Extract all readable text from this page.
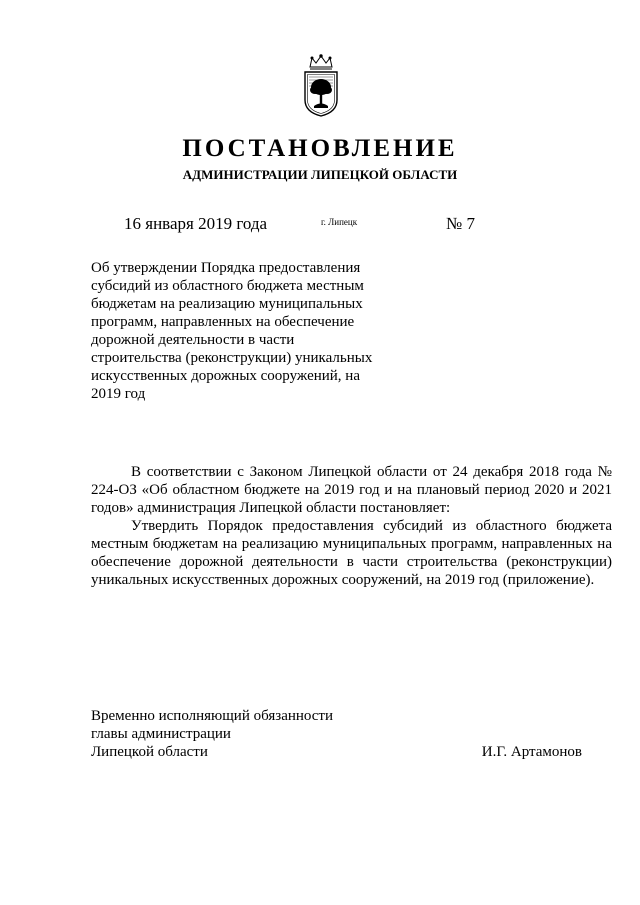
ПОСТАНОВЛЕНИЕ
АДМИНИСТРАЦИИ ЛИПЕЦКОЙ ОБЛАСТИ
16 января 2019 года	г. Липецк	№ 7
Об утверждении Порядка предоставления
субсидий из областного бюджета местным
бюджетам на реализацию муниципальных
программ, направленных на обеспечение
дорожной деятельности в части
строительства (реконструкции) уникальных
искусственных дорожных сооружений, на
2019 год

В соответствии с Законом Липецкой области от 24 декабря 2018 года № 224-ОЗ «Об областном бюджете на 2019 год и на плановый период 2020 и 2021 годов» администрация Липецкой области постановляет:

Утвердить Порядок предоставления субсидий из областного бюджета местным бюджетам на реализацию муниципальных программ, направленных на обеспечение дорожной деятельности в части строительства (реконструкции) уникальных искусственных дорожных сооружений, на 2019 год (приложение).

Временно исполняющий обязанности
главы администрации
Липецкой области	И.Г. Артамонов
